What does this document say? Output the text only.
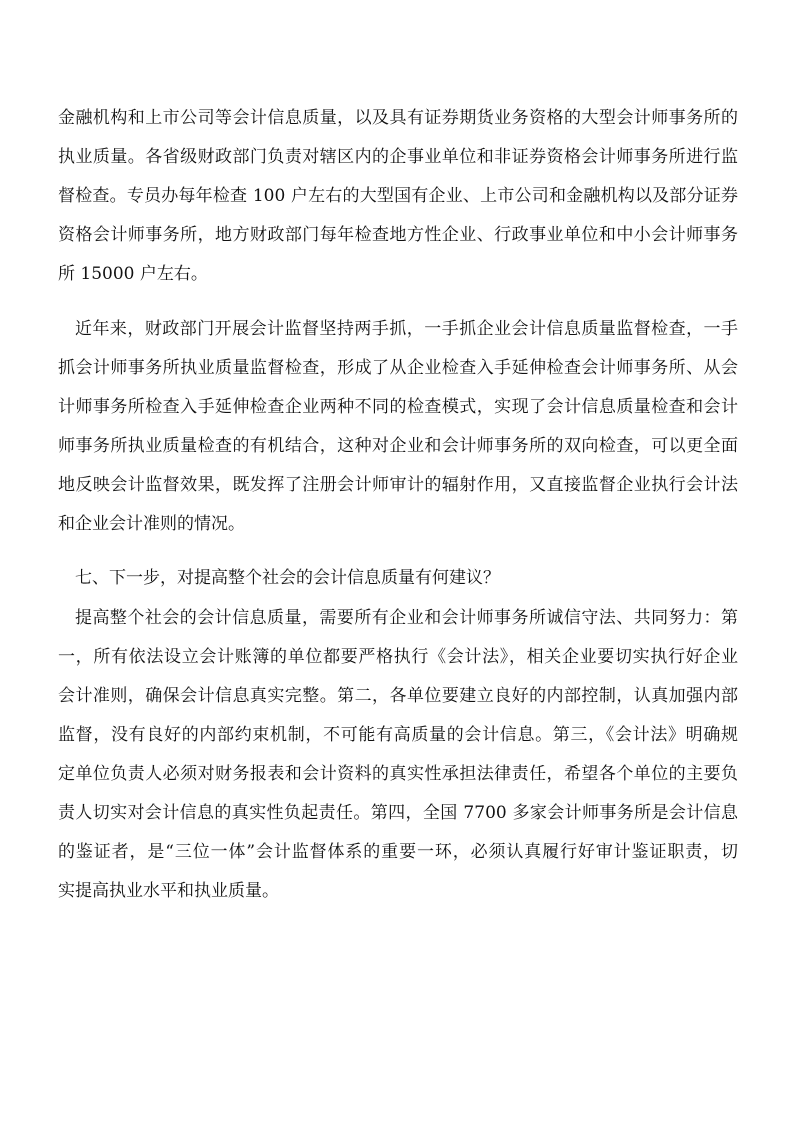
金融机构和上市公司等会计信息质量，以及具有证券期货业务资格的大型会计师事务所的
执业质量。各省级财政部门负责对辖区内的企事业单位和非证券资格会计师事务所进行监
督检查。专员办每年检查 100 户左右的大型国有企业、上市公司和金融机构以及部分证券
资格会计师事务所，地方财政部门每年检查地方性企业、行政事业单位和中小会计师事务
所 15000 户左右。
近年来，财政部门开展会计监督坚持两手抓，一手抓企业会计信息质量监督检查，一手
抓会计师事务所执业质量监督检查，形成了从企业检查入手延伸检查会计师事务所、从会
计师事务所检查入手延伸检查企业两种不同的检查模式，实现了会计信息质量检查和会计
师事务所执业质量检查的有机结合，这种对企业和会计师事务所的双向检查，可以更全面
地反映会计监督效果，既发挥了注册会计师审计的辐射作用，又直接监督企业执行会计法
和企业会计准则的情况。
七、下一步，对提高整个社会的会计信息质量有何建议？
提高整个社会的会计信息质量，需要所有企业和会计师事务所诚信守法、共同努力：第
一，所有依法设立会计账簿的单位都要严格执行《会计法》，相关企业要切实执行好企业
会计准则，确保会计信息真实完整。第二，各单位要建立良好的内部控制，认真加强内部
监督，没有良好的内部约束机制，不可能有高质量的会计信息。第三，《会计法》明确规
定单位负责人必须对财务报表和会计资料的真实性承担法律责任，希望各个单位的主要负
责人切实对会计信息的真实性负起责任。第四，全国 7700 多家会计师事务所是会计信息
的鉴证者，是“三位一体”会计监督体系的重要一环，必须认真履行好审计鉴证职责，切
实提高执业水平和执业质量。
